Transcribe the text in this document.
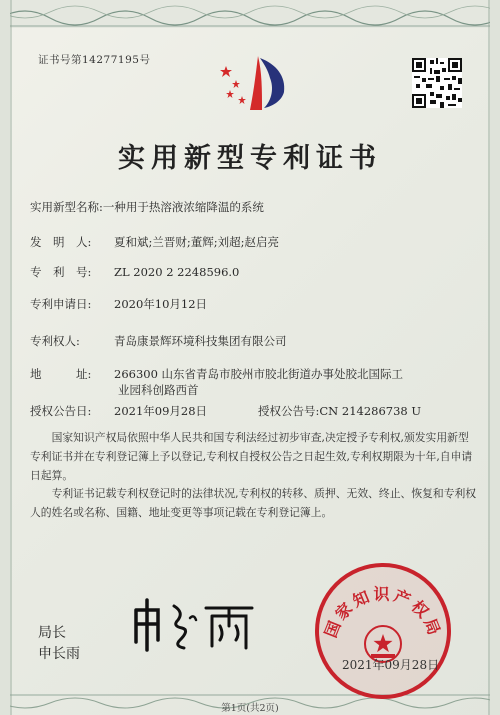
证书号第14277195号
实用新型专利证书
实用新型名称:一种用于热溶液浓缩降温的系统
发　明　人: 夏和斌;兰晋财;董辉;刘超;赵启亮
专　利　号: ZL 2020 2 2248596.0
专利申请日: 2020年10月12日
专利权人:	青岛康景辉环境科技集团有限公司
地　　　址: 266300 山东省青岛市胶州市胶北街道办事处胶北国际工
业园科创路西首
授权公告日: 2021年09月28日	授权公告号:CN 214286738 U
国家知识产权局依照中华人民共和国专利法经过初步审查,决定授予专利权,颁发实用新型专利证书并在专利登记簿上予以登记,专利权自授权公告之日起生效,专利权期限为十年,自申请日起算。
专利证书记载专利权登记时的法律状况,专利权的转移、质押、无效、终止、恢复和专利权人的姓名或名称、国籍、地址变更等事项记载在专利登记簿上。
局长
申长雨
国家知识产权局
2021年09月28日
第1页(共2页)
